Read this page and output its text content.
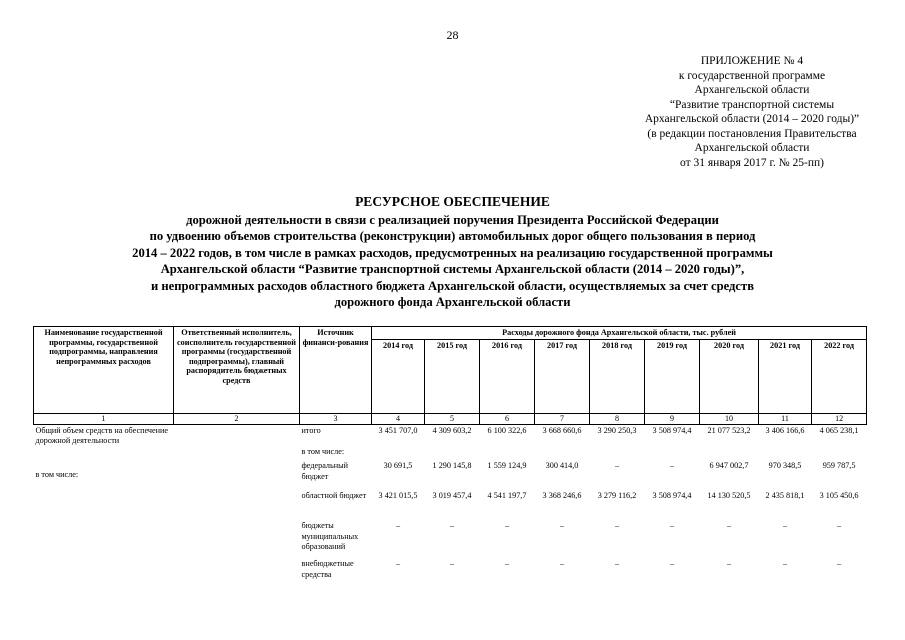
28
ПРИЛОЖЕНИЕ № 4
к государственной программе
Архангельской области
“Развитие транспортной системы
Архангельской области (2014 – 2020 годы)”
(в редакции постановления Правительства
Архангельской области
от 31 января 2017 г. № 25-пп)
РЕСУРСНОЕ ОБЕСПЕЧЕНИЕ
дорожной деятельности в связи с реализацией поручения Президента Российской Федерации
по удвоению объемов строительства (реконструкции) автомобильных дорог общего пользования в период
2014 – 2022 годов, в том числе в рамках расходов, предусмотренных на реализацию государственной программы
Архангельской области “Развитие транспортной системы Архангельской области (2014 – 2020 годы)”,
и непрограммных расходов областного бюджета Архангельской области, осуществляемых за счет средств
дорожного фонда Архангельской области
Наименование государственной программы, государственной подпрограммы, направления непрограммных расходов	Ответственный исполнитель, соисполнитель государственной программы (государственной подпрограммы), главный распорядитель бюджетных средств	Источник финанси-рования	Расходы дорожного фонда Архангельской области, тыс. рублей								
			2014 год	2015 год	2016 год	2017 год	2018 год	2019 год	2020 год	2021 год	2022 год
1	2	3	4	5	6	7	8	9	10	11	12

Общий объем средств на обеспечение дорожной деятельности		итого	3 451 707,0	4 309 603,2	6 100 322,6	3 668 660,6	3 290 250,3	3 508 974,4	21 077 523,2	3 406 166,6	4 065 238,1
		в том числе:									
в том числе:		федеральный бюджет	30 691,5	1 290 145,8	1 559 124,9	300 414,0	–	–	6 947 002,7	970 348,5	959 787,5
		областной бюджет	3 421 015,5	3 019 457,4	4 541 197,7	3 368 246,6	3 279 116,2	3 508 974,4	14 130 520,5	2 435 818,1	3 105 450,6
		бюджеты муниципальных образований	–	–	–	–	–	–	–	–	–
		внебюджетные средства	–	–	–	–	–	–	–	–	–
